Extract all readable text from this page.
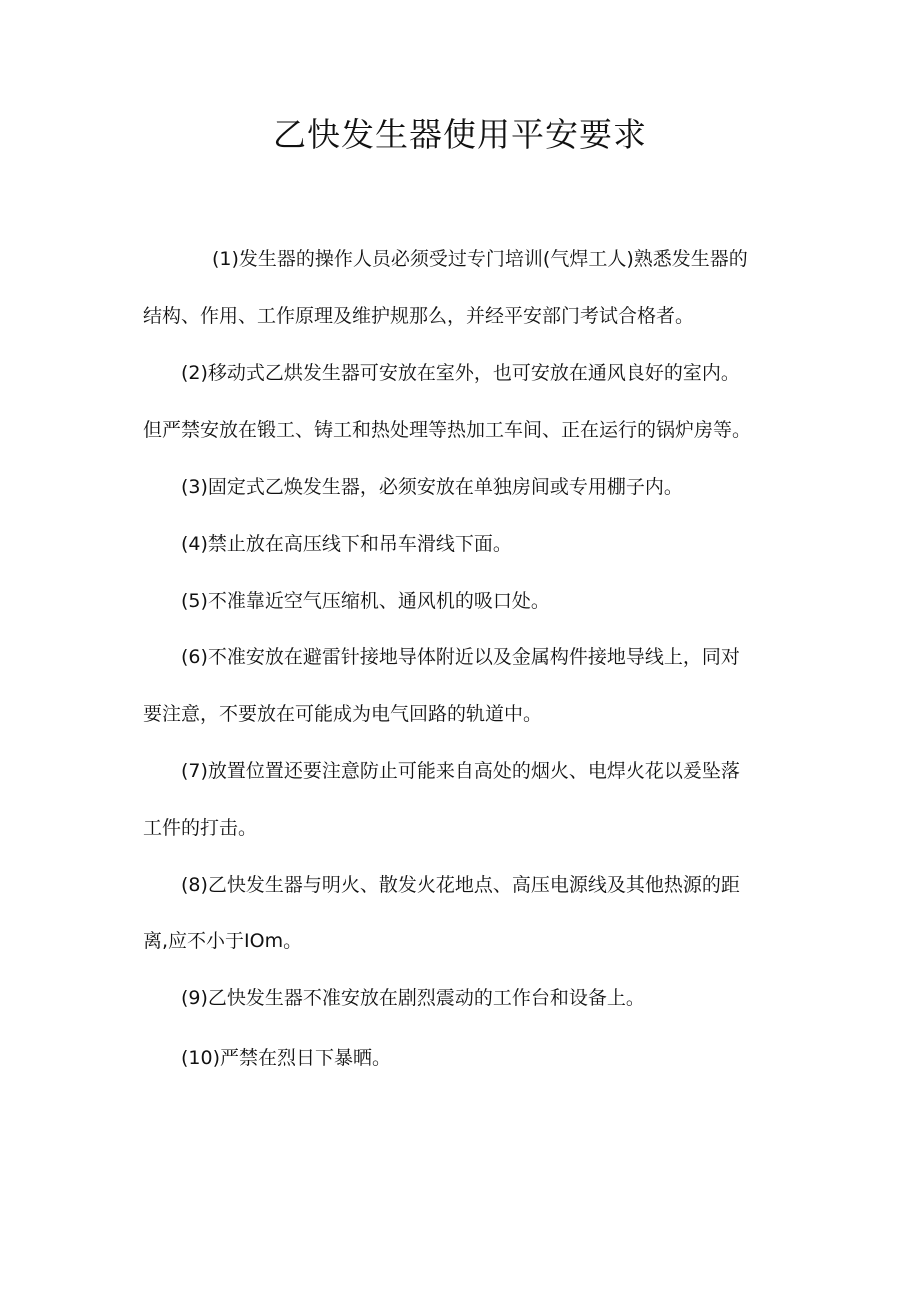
乙快发生器使用平安要求

(1)发生器的操作人员必须受过专门培训(气焊工人)熟悉发生器的

结构、作用、工作原理及维护规那么，并经平安部门考试合格者。

(2)移动式乙烘发生器可安放在室外，也可安放在通风良好的室内。

但严禁安放在锻工、铸工和热处理等热加工车间、正在运行的锅炉房等。

(3)固定式乙焕发生器，必须安放在单独房间或专用棚子内。

(4)禁止放在高压线下和吊车滑线下面。

(5)不准靠近空气压缩机、通风机的吸口处。

(6)不准安放在避雷针接地导体附近以及金属构件接地导线上，同对

要注意，不要放在可能成为电气回路的轨道中。

(7)放置位置还要注意防止可能来自高处的烟火、电焊火花以爰坠落

工件的打击。

(8)乙快发生器与明火、散发火花地点、高压电源线及其他热源的距

离,应不小于IOm。

(9)乙快发生器不准安放在剧烈震动的工作台和设备上。

(10)严禁在烈日下暴晒。
